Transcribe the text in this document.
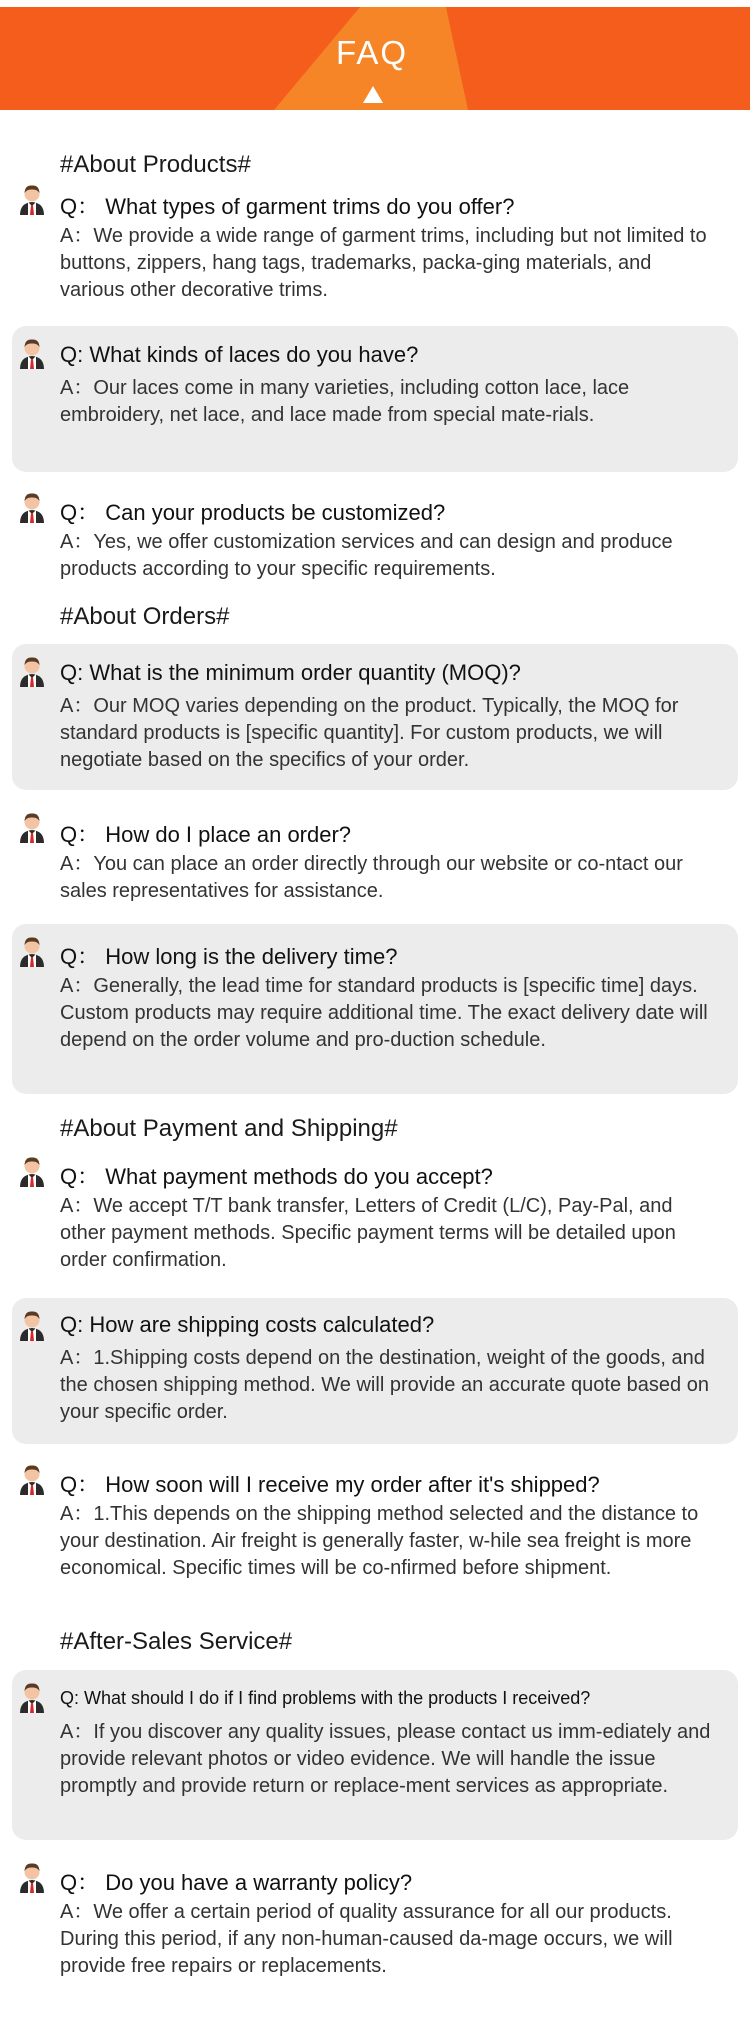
FAQ
#About Products#
#About Orders#
#About Payment and Shipping#
#After-Sales Service#
Q： What types of garment trims do you offer?
A：We provide a wide range of garment trims, including but not limited to buttons, zippers, hang tags, trademarks, packa-ging materials, and various other decorative trims.
Q: What kinds of laces do you have?
A：Our laces come in many varieties, including cotton lace, lace embroidery, net lace, and lace made from special mate-rials.
Q： Can your products be customized?
A：Yes, we offer customization services and can design and produce products according to your specific requirements.
Q: What is the minimum order quantity (MOQ)?
A：Our MOQ varies depending on the product. Typically, the MOQ for standard products is [specific quantity]. For custom products, we will negotiate based on the specifics of your order.
Q： How do I place an order?
A：You can place an order directly through our website or co-ntact our sales representatives for assistance.
Q： How long is the delivery time?
A：Generally, the lead time for standard products is [specific time] days. Custom products may require additional time. The exact delivery date will depend on the order volume and pro-duction schedule.
Q： What payment methods do you accept?
A：We accept T/T bank transfer, Letters of Credit (L/C), Pay-Pal, and other payment methods. Specific payment terms will be detailed upon order confirmation.
Q: How are shipping costs calculated?
A：1.Shipping costs depend on the destination, weight of the goods, and the chosen shipping method. We will provide an accurate quote based on your specific order.
Q： How soon will I receive my order after it's shipped?
A：1.This depends on the shipping method selected and the distance to your destination. Air freight is generally faster, w-hile sea freight is more economical. Specific times will be co-nfirmed before shipment.
Q: What should I do if I find problems with the products I received?
A：If you discover any quality issues, please contact us imm-ediately and provide relevant photos or video evidence. We will handle the issue promptly and provide return or replace-ment services as appropriate.
Q： Do you have a warranty policy?
A：We offer a certain period of quality assurance for all our products. During this period, if any non-human-caused da-mage occurs, we will provide free repairs or replacements.
